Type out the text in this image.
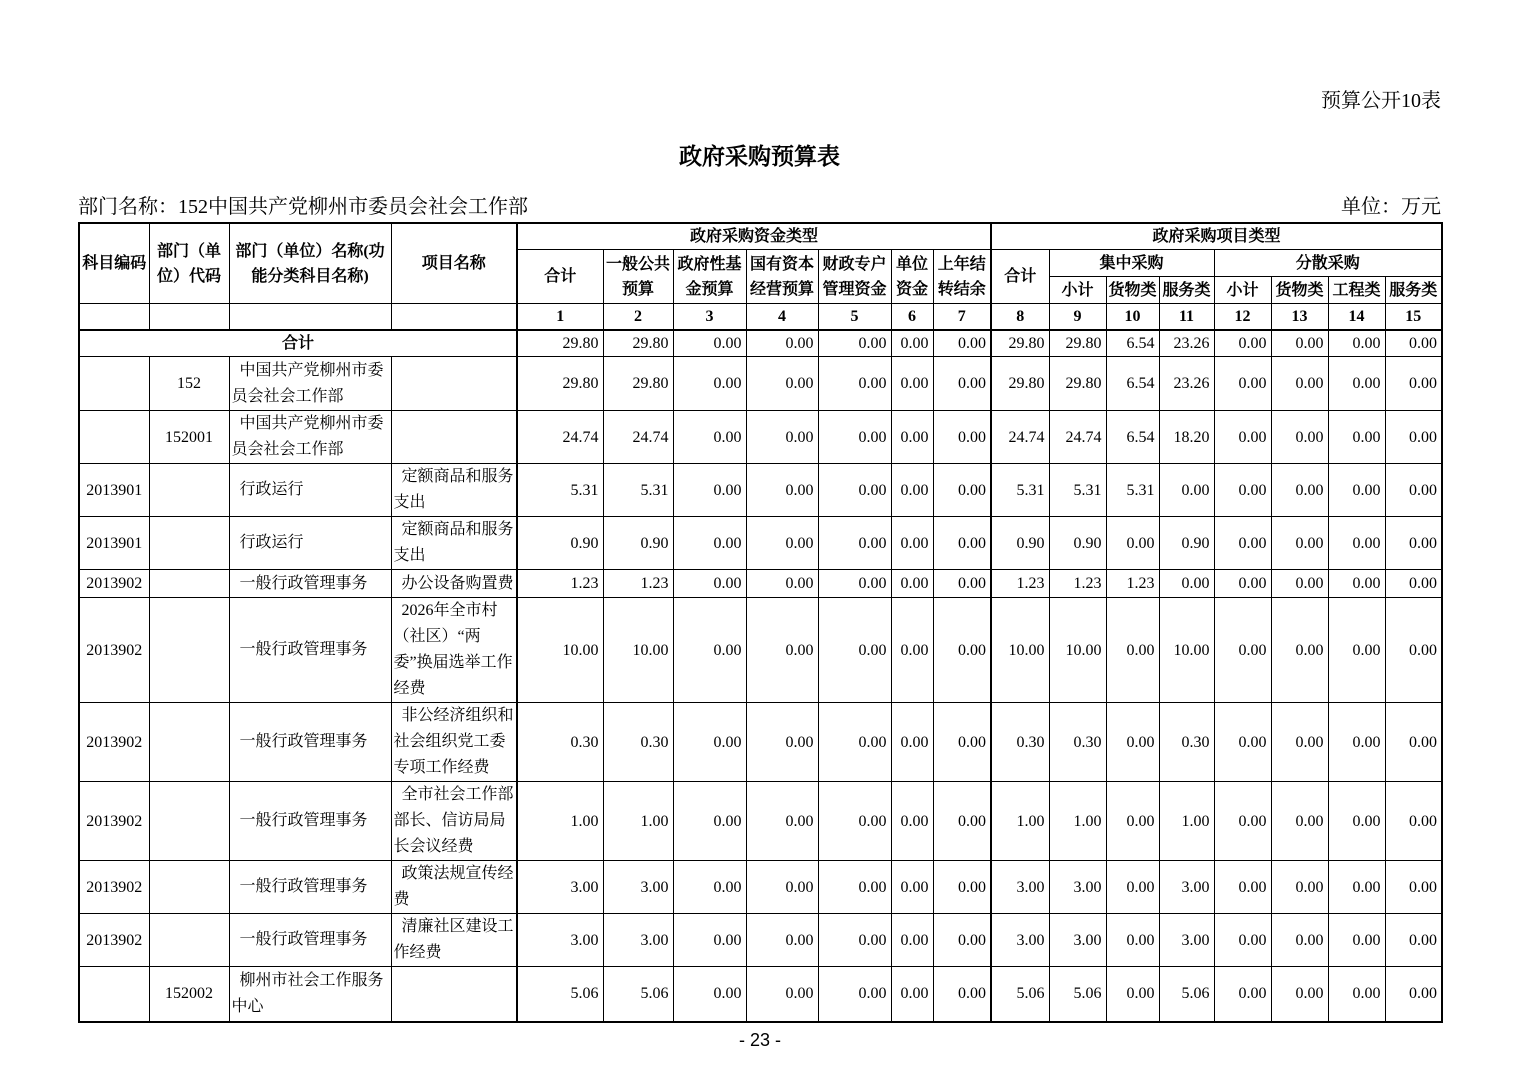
预算公开10表
政府采购预算表
部门名称：152中国共产党柳州市委员会社会工作部	单位：万元
科目编码	部门（单位）代码	部门（单位）名称(功能分类科目名称)	项目名称	政府采购资金类型							政府采购项目类型							
				合计	一般公共预算	政府性基金预算	国有资本经营预算	财政专户管理资金	单位资金	上年结转结余	合计	集中采购			分散采购			
												小计	货物类	服务类	小计	货物类	工程类	服务类
				1	2	3	4	5	6	7	8	9	10	11	12	13	14	15
合计				29.80	29.80	0.00	0.00	0.00	0.00	0.00	29.80	29.80	6.54	23.26	0.00	0.00	0.00	0.00
	152	中国共产党柳州市委员会社会工作部		29.80	29.80	0.00	0.00	0.00	0.00	0.00	29.80	29.80	6.54	23.26	0.00	0.00	0.00	0.00
	152001	中国共产党柳州市委员会社会工作部		24.74	24.74	0.00	0.00	0.00	0.00	0.00	24.74	24.74	6.54	18.20	0.00	0.00	0.00	0.00
2013901		行政运行	定额商品和服务支出	5.31	5.31	0.00	0.00	0.00	0.00	0.00	5.31	5.31	5.31	0.00	0.00	0.00	0.00	0.00
2013901		行政运行	定额商品和服务支出	0.90	0.90	0.00	0.00	0.00	0.00	0.00	0.90	0.90	0.00	0.90	0.00	0.00	0.00	0.00
2013902		一般行政管理事务	办公设备购置费	1.23	1.23	0.00	0.00	0.00	0.00	0.00	1.23	1.23	1.23	0.00	0.00	0.00	0.00	0.00
2013902		一般行政管理事务	2026年全市村（社区）“两委”换届选举工作经费	10.00	10.00	0.00	0.00	0.00	0.00	0.00	10.00	10.00	0.00	10.00	0.00	0.00	0.00	0.00
2013902		一般行政管理事务	非公经济组织和社会组织党工委专项工作经费	0.30	0.30	0.00	0.00	0.00	0.00	0.00	0.30	0.30	0.00	0.30	0.00	0.00	0.00	0.00
2013902		一般行政管理事务	全市社会工作部部长、信访局局长会议经费	1.00	1.00	0.00	0.00	0.00	0.00	0.00	1.00	1.00	0.00	1.00	0.00	0.00	0.00	0.00
2013902		一般行政管理事务	政策法规宣传经费	3.00	3.00	0.00	0.00	0.00	0.00	0.00	3.00	3.00	0.00	3.00	0.00	0.00	0.00	0.00
2013902		一般行政管理事务	清廉社区建设工作经费	3.00	3.00	0.00	0.00	0.00	0.00	0.00	3.00	3.00	0.00	3.00	0.00	0.00	0.00	0.00
	152002	柳州市社会工作服务中心		5.06	5.06	0.00	0.00	0.00	0.00	0.00	5.06	5.06	0.00	5.06	0.00	0.00	0.00	0.00
- 23 -
